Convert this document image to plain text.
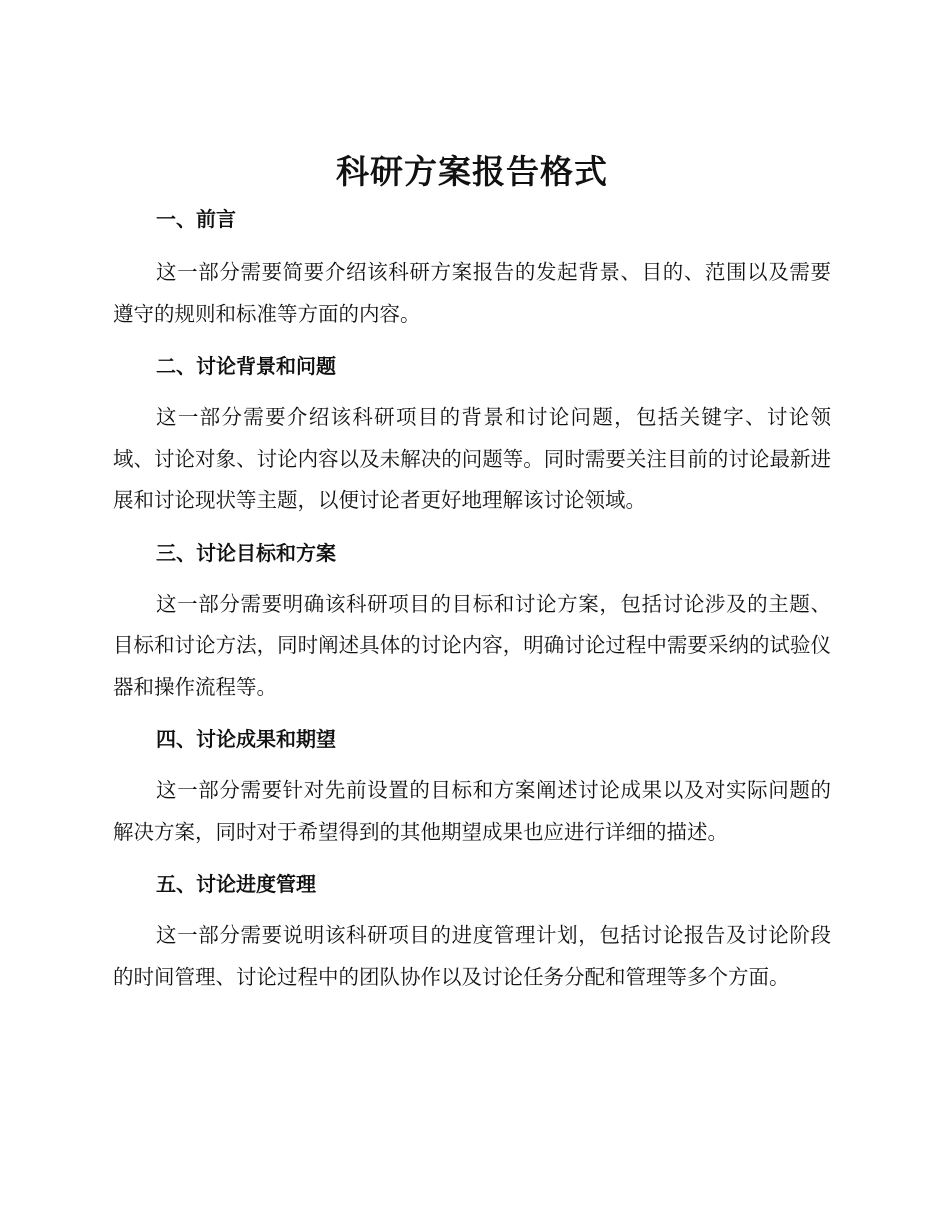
科研方案报告格式
一、前言

这一部分需要简要介绍该科研方案报告的发起背景、目的、范围以及需要遵守的规则和标准等方面的内容。

二、讨论背景和问题

这一部分需要介绍该科研项目的背景和讨论问题，包括关键字、讨论领域、讨论对象、讨论内容以及未解决的问题等。同时需要关注目前的讨论最新进展和讨论现状等主题，以便讨论者更好地理解该讨论领域。

三、讨论目标和方案

这一部分需要明确该科研项目的目标和讨论方案，包括讨论涉及的主题、目标和讨论方法，同时阐述具体的讨论内容，明确讨论过程中需要采纳的试验仪器和操作流程等。

四、讨论成果和期望

这一部分需要针对先前设置的目标和方案阐述讨论成果以及对实际问题的解决方案，同时对于希望得到的其他期望成果也应进行详细的描述。

五、讨论进度管理

这一部分需要说明该科研项目的进度管理计划，包括讨论报告及讨论阶段的时间管理、讨论过程中的团队协作以及讨论任务分配和管理等多个方面。
